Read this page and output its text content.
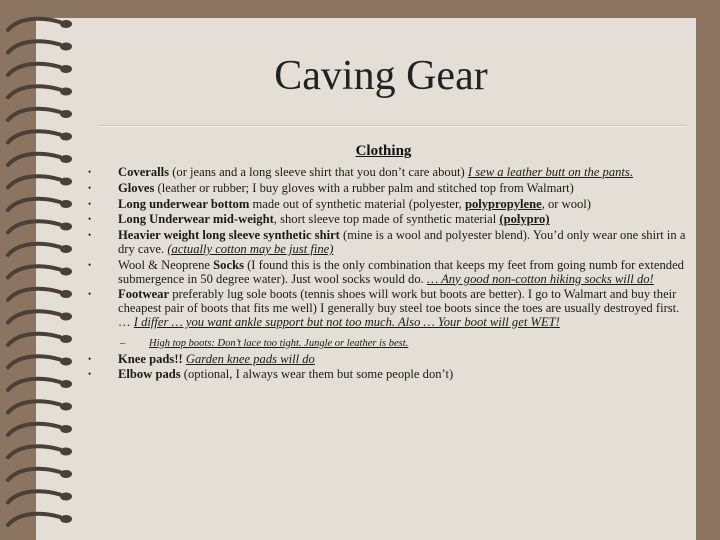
Caving Gear
Clothing
• Coveralls (or jeans and a long sleeve shirt that you don’t care about) I sew a leather butt on the pants.
• Gloves (leather or rubber; I buy gloves with a rubber palm and stitched top from Walmart)
• Long underwear bottom made out of synthetic material (polyester, polypropylene, or wool)
• Long Underwear mid-weight, short sleeve top made of synthetic material (polypro)
• Heavier weight long sleeve synthetic shirt (mine is a wool and polyester blend). You’d only wear one shirt in a dry cave. (actually cotton may be just fine)
• Wool & Neoprene Socks (I found this is the only combination that keeps my feet from going numb for extended submergence in 50 degree water). Just wool socks would do. … Any good non-cotton hiking socks will do!
• Footwear preferably lug sole boots (tennis shoes will work but boots are better). I go to Walmart and buy their cheapest pair of boots that fits me well) I generally buy steel toe boots since the toes are usually destroyed first. … I differ … you want ankle support but not too much. Also … Your boot will get WET!
– High top boots: Don’t lace too tight. Jungle or leather is best.
• Knee pads!! Garden knee pads will do
• Elbow pads (optional, I always wear them but some people don’t)
